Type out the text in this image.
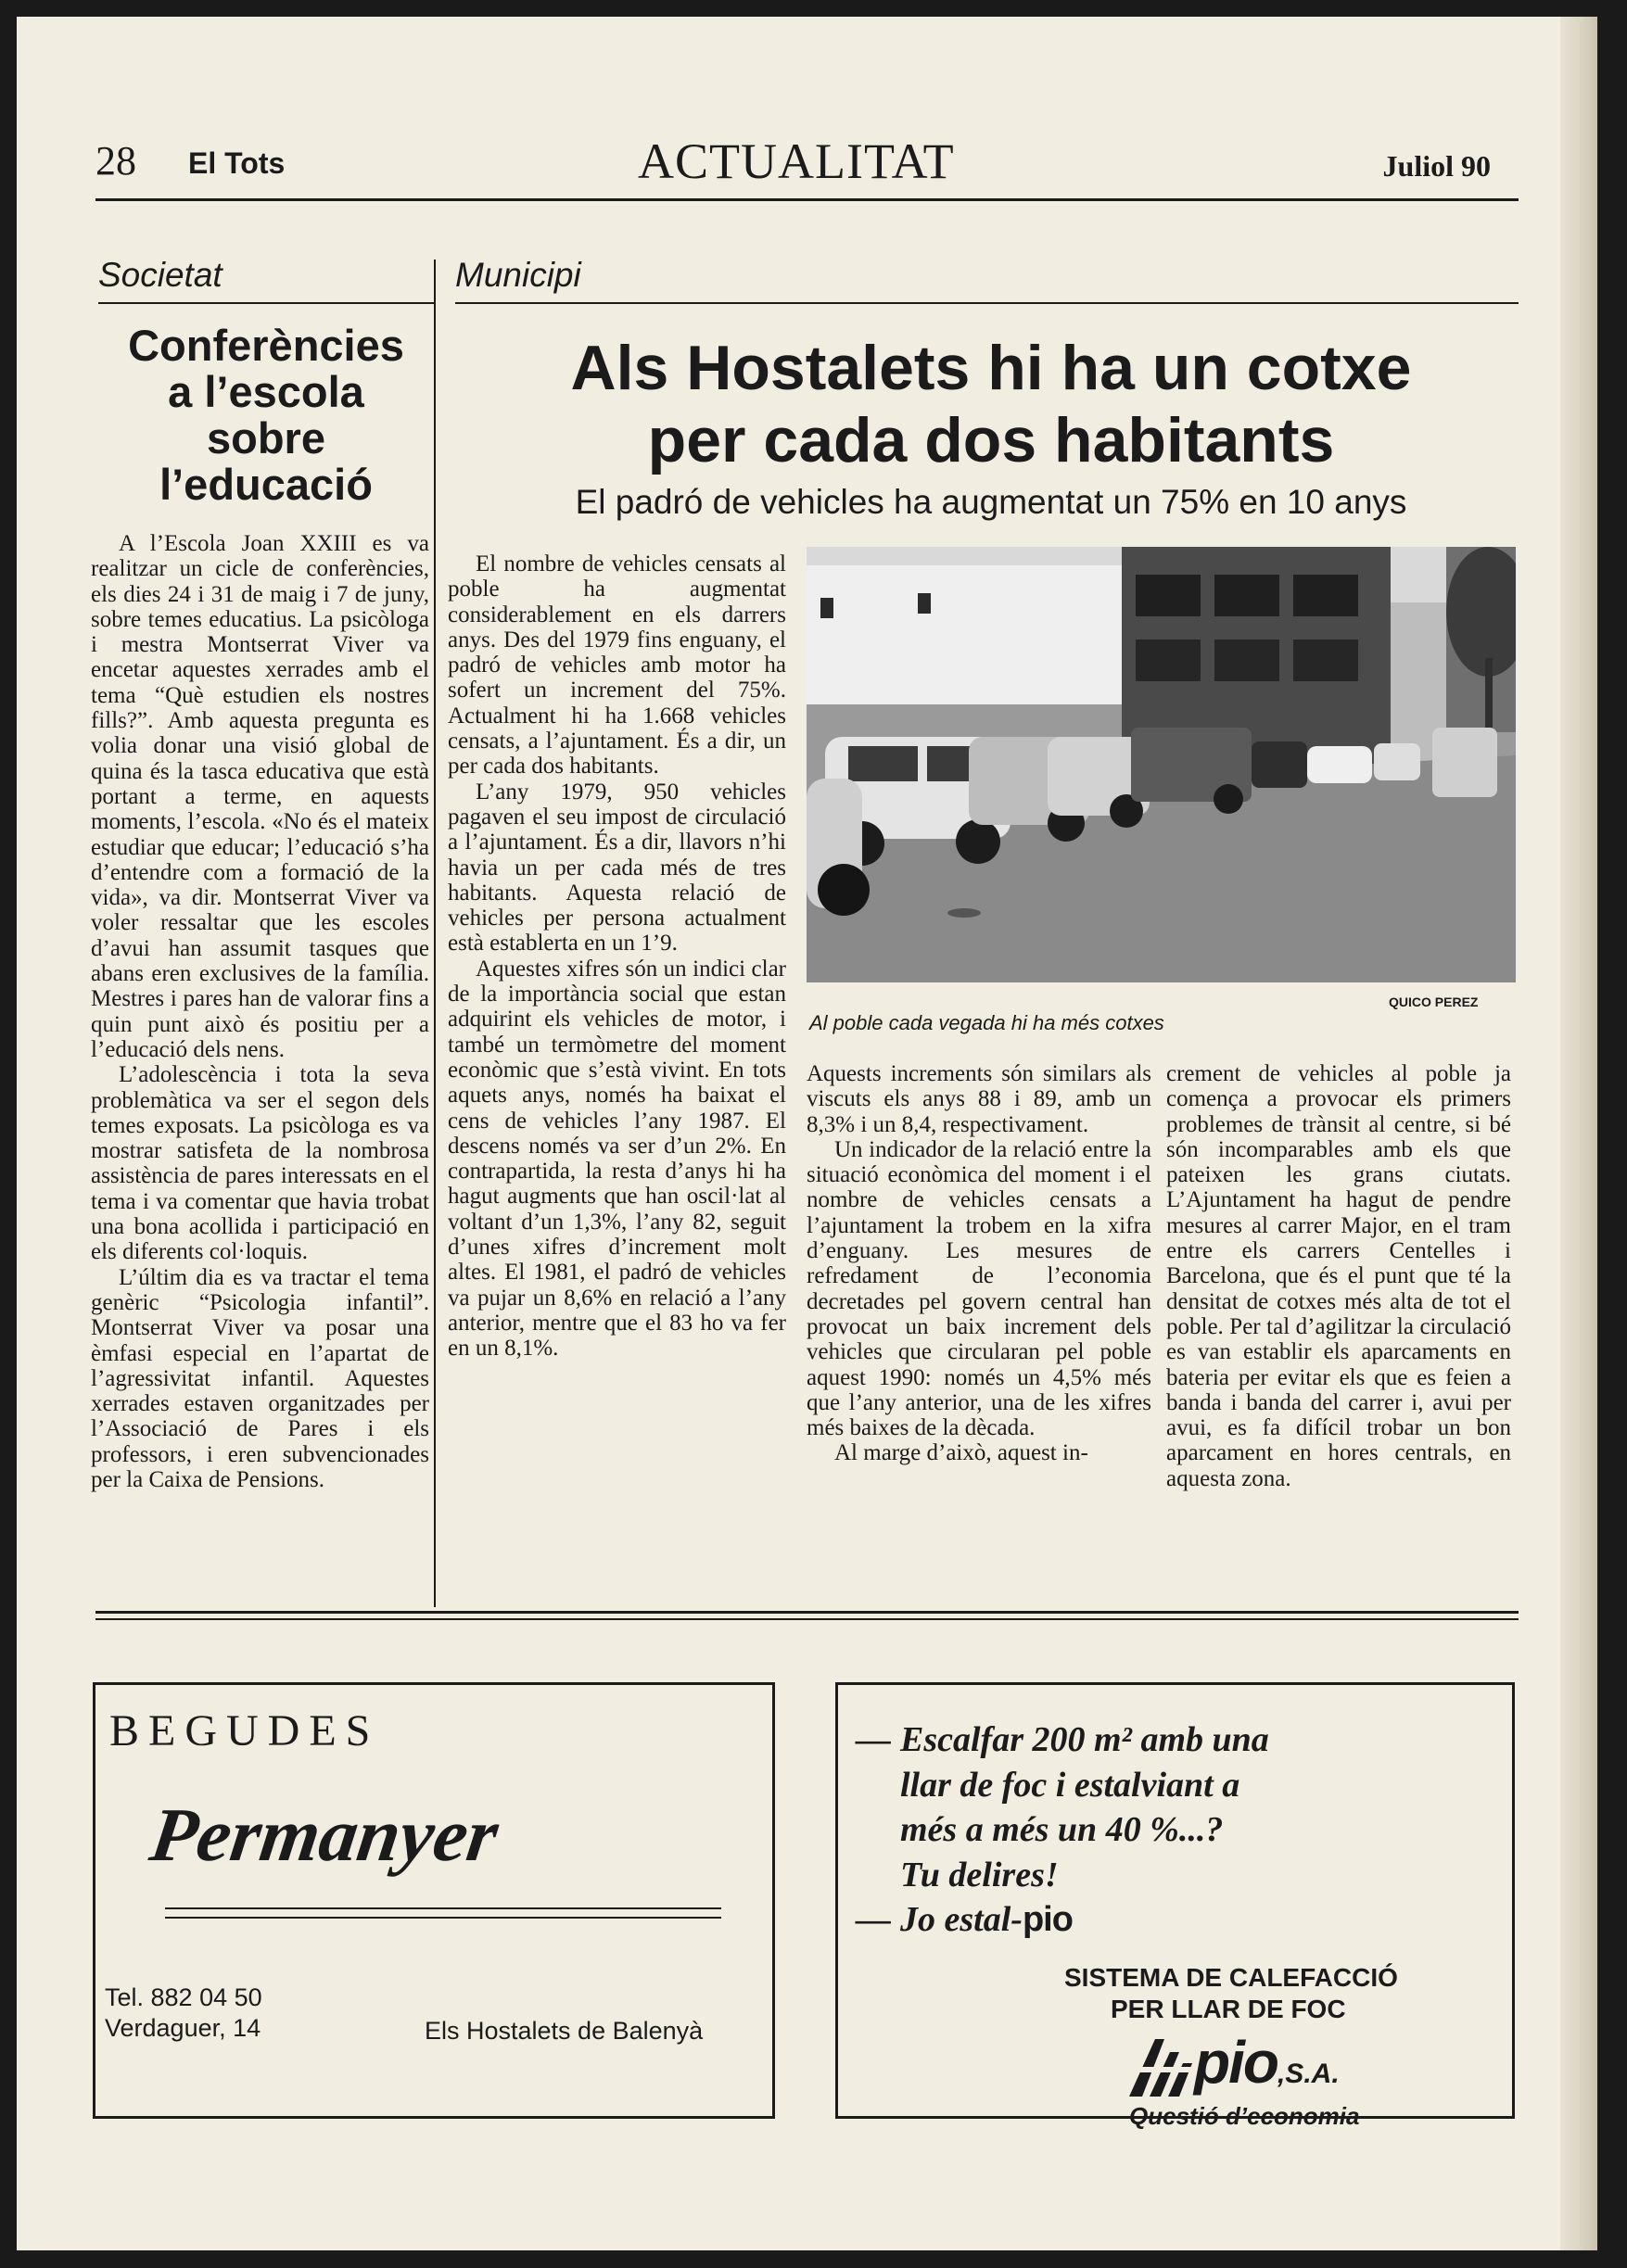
28 El Tots	ACTUALITAT	Juliol 90
Societat	Municipi
Conferències
a l’escola
sobre
l’educació

A l’Escola Joan XXIII es va realitzar un cicle de conferències, els dies 24 i 31 de maig i 7 de juny, sobre temes educatius. La psicòloga i mestra Montserrat Viver va encetar aquestes xerrades amb el tema “Què estudien els nostres fills?”. Amb aquesta pregunta es volia donar una visió global de quina és la tasca educativa que està portant a terme, en aquests moments, l’escola. «No és el mateix estudiar que educar; l’educació s’ha d’entendre com a formació de la vida», va dir. Montserrat Viver va voler ressaltar que les escoles d’avui han assumit tasques que abans eren exclusives de la família. Mestres i pares han de valorar fins a quin punt això és positiu per a l’educació dels nens.

L’adolescència i tota la seva problemàtica va ser el segon dels temes exposats. La psicòloga es va mostrar satisfeta de la nombrosa assistència de pares interessats en el tema i va comentar que havia trobat una bona acollida i participació en els diferents col·loquis.

L’últim dia es va tractar el tema genèric “Psicologia infantil”. Montserrat Viver va posar una èmfasi especial en l’apartat de l’agressivitat infantil. Aquestes xerrades estaven organitzades per l’Associació de Pares i els professors, i eren subvencionades per la Caixa de Pensions.

Als Hostalets hi ha un cotxe
per cada dos habitants
El padró de vehicles ha augmentat un 75% en 10 anys

El nombre de vehicles censats al poble ha augmentat considerablement en els darrers anys. Des del 1979 fins enguany, el padró de vehicles amb motor ha sofert un increment del 75%. Actualment hi ha 1.668 vehicles censats, a l’ajuntament. És a dir, un per cada dos habitants.

L’any 1979, 950 vehicles pagaven el seu impost de circulació a l’ajuntament. És a dir, llavors n’hi havia un per cada més de tres habitants. Aquesta relació de vehicles per persona actualment està establerta en un 1’9.

Aquestes xifres són un indici clar de la importància social que estan adquirint els vehicles de motor, i també un termòmetre del moment econòmic que s’està vivint. En tots aquets anys, només ha baixat el cens de vehicles l’any 1987. El descens només va ser d’un 2%. En contrapartida, la resta d’anys hi ha hagut augments que han oscil·lat al voltant d’un 1,3%, l’any 82, seguit d’unes xifres d’increment molt altes. El 1981, el padró de vehicles va pujar un 8,6% en relació a l’any anterior, mentre que el 83 ho va fer en un 8,1%.

QUICO PEREZ
Al poble cada vegada hi ha més cotxes

Aquests increments són similars als viscuts els anys 88 i 89, amb un 8,3% i un 8,4, respectivament.

Un indicador de la relació entre la situació econòmica del moment i el nombre de vehicles censats a l’ajuntament la trobem en la xifra d’enguany. Les mesures de refredament de l’economia decretades pel govern central han provocat un baix increment dels vehicles que circularan pel poble aquest 1990: només un 4,5% més que l’any anterior, una de les xifres més baixes de la dècada.

Al marge d’això, aquest in-

crement de vehicles al poble ja comença a provocar els primers problemes de trànsit al centre, si bé són incomparables amb els que pateixen les grans ciutats. L’Ajuntament ha hagut de pendre mesures al carrer Major, en el tram entre els carrers Centelles i Barcelona, que és el punt que té la densitat de cotxes més alta de tot el poble. Per tal d’agilitzar la circulació es van establir els aparcaments en bateria per evitar els que es feien a banda i banda del carrer i, avui per avui, es fa difícil trobar un bon aparcament en hores centrals, en aquesta zona.

BEGUDES
Permanyer
Tel. 882 04 50
Verdaguer, 14	Els Hostalets de Balenyà
— Escalfar 200 m² amb una
llar de foc i estalviant a
més a més un 40 %...?
Tu delires!
— Jo estal-pio
SISTEMA DE CALEFACCIÓ
PER LLAR DE FOC
pio,S.A.
Questió d’economia
